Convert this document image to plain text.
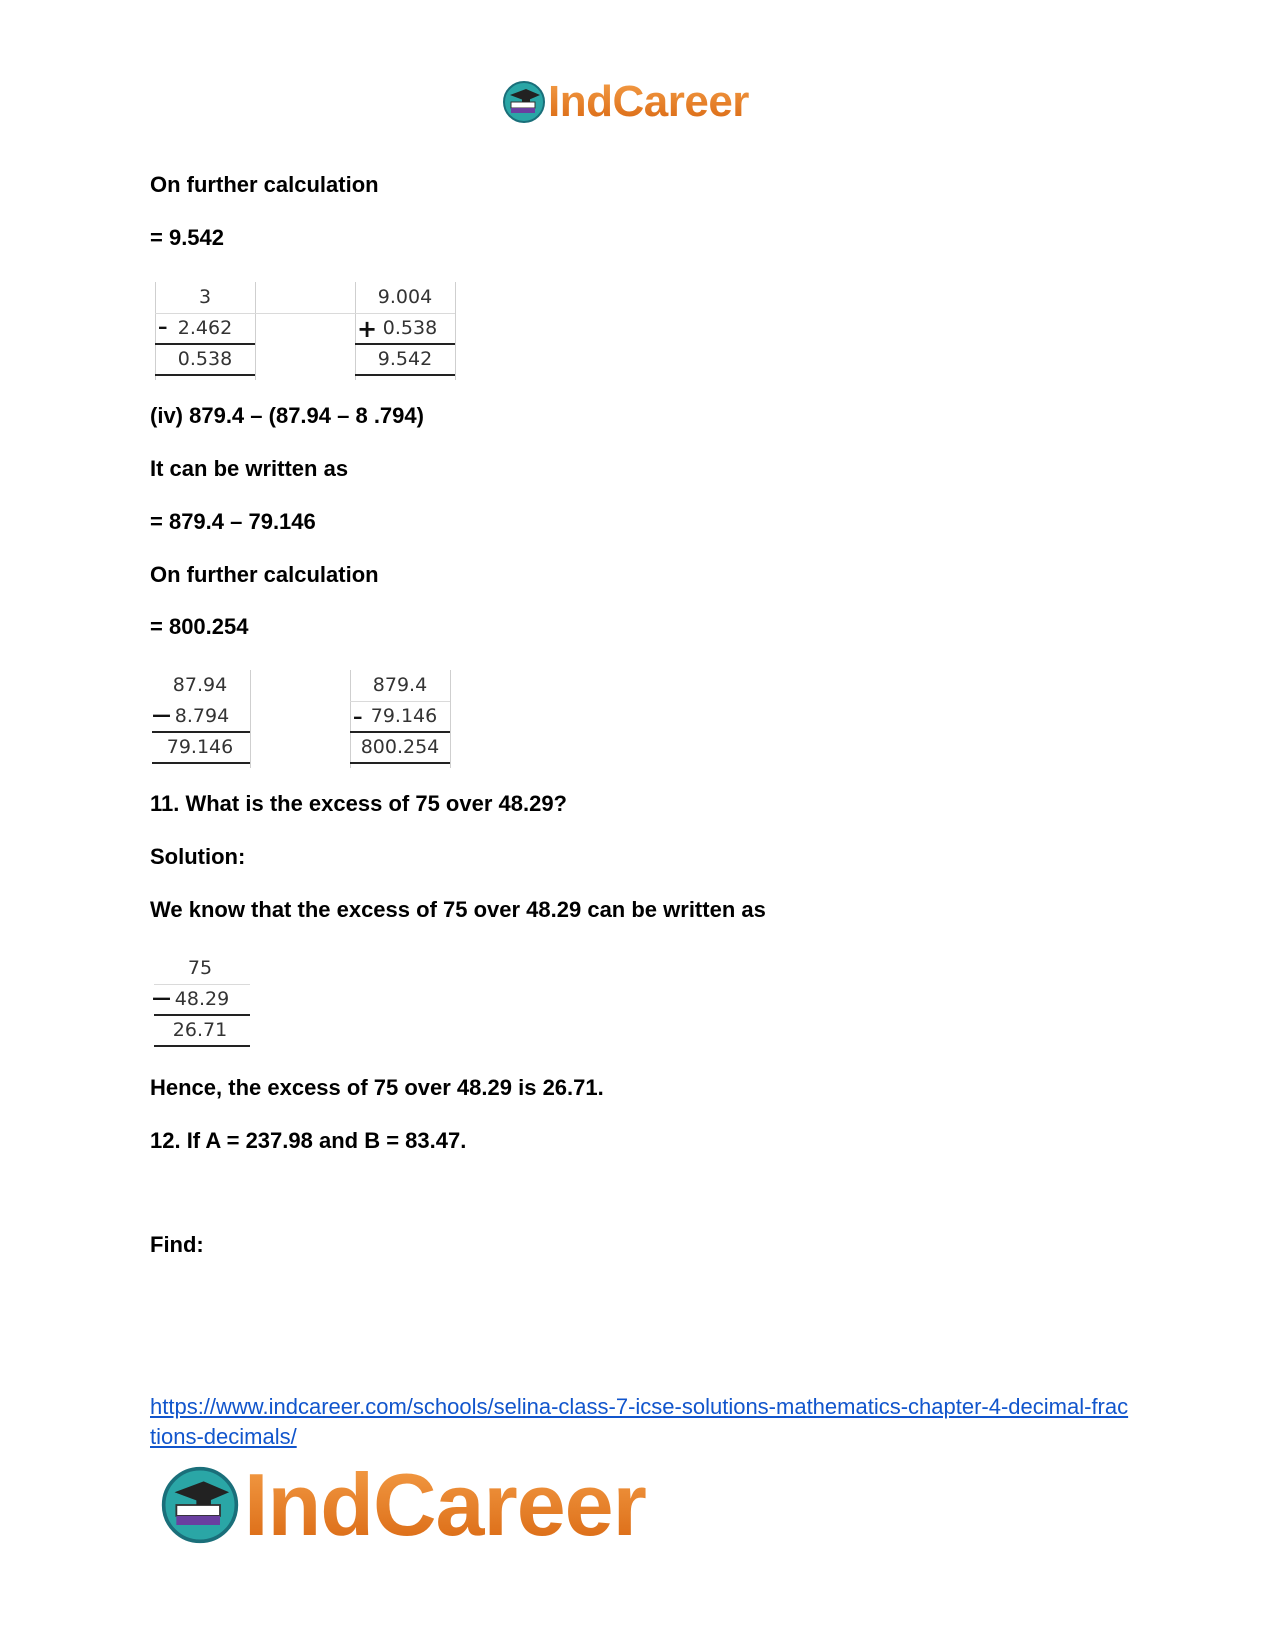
IndCareer
On further calculation
= 9.542
3
– 2.462
0.538
9.004
+ 0.538
9.542
(iv) 879.4 – (87.94 – 8 .794)
It can be written as
= 879.4 – 79.146
On further calculation
= 800.254
87.94
— 8.794
79.146
879.4
– 79.146
800.254
11. What is the excess of 75 over 48.29?
Solution:
We know that the excess of 75 over 48.29 can be written as
75
— 48.29
26.71
Hence, the excess of 75 over 48.29 is 26.71.
12. If A = 237.98 and B = 83.47.
Find:
https://www.indcareer.com/schools/selina-class-7-icse-solutions-mathematics-chapter-4-decimal-fractions-decimals/
IndCareer
